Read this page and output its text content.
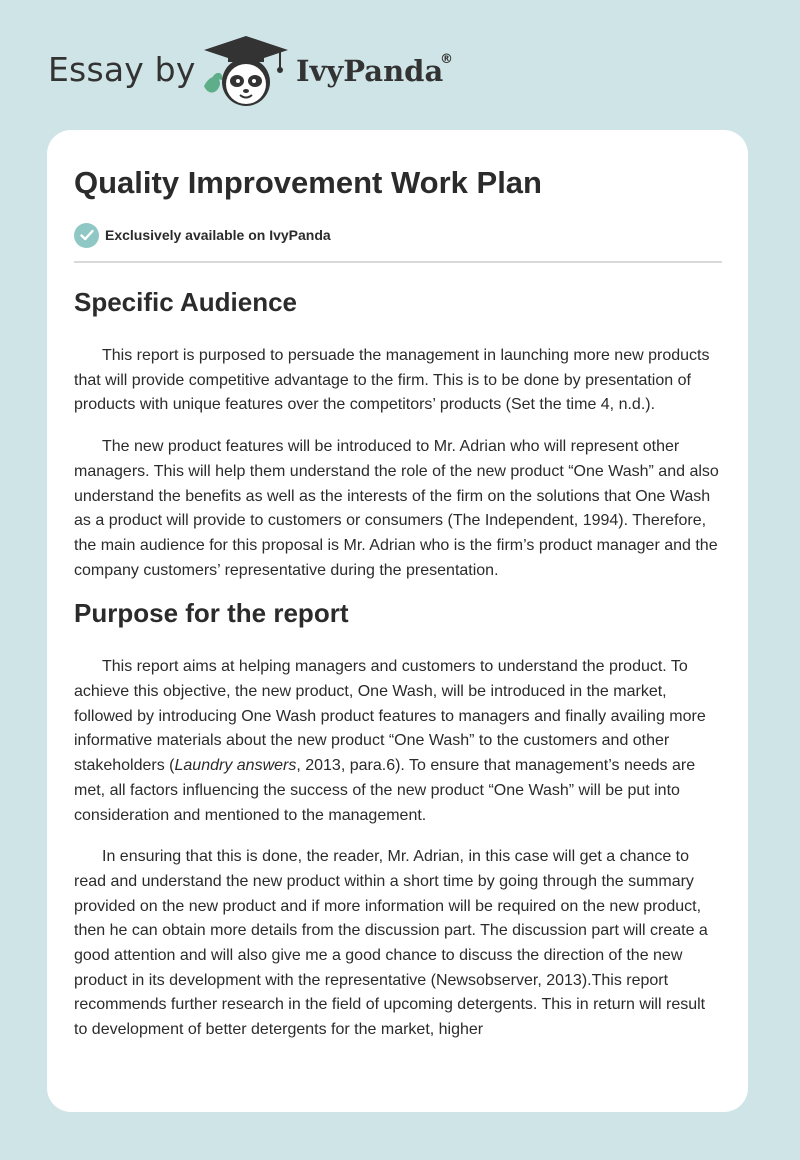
Essay by	IvyPanda
®
Quality Improvement Work Plan
Exclusively available on IvyPanda
Specific Audience

This report is purposed to persuade the management in launching more new products that will provide competitive advantage to the firm. This is to be done by presentation of products with unique features over the competitors’ products (Set the time 4, n.d.).

The new product features will be introduced to Mr. Adrian who will represent other managers. This will help them understand the role of the new product “One Wash” and also understand the benefits as well as the interests of the firm on the solutions that One Wash as a product will provide to customers or consumers (The Independent, 1994). Therefore, the main audience for this proposal is Mr. Adrian who is the firm’s product manager and the company customers’ representative during the presentation.

Purpose for the report

This report aims at helping managers and customers to understand the product. To achieve this objective, the new product, One Wash, will be introduced in the market, followed by introducing One Wash product features to managers and finally availing more informative materials about the new product “One Wash” to the customers and other stakeholders (Laundry answers, 2013, para.6). To ensure that management’s needs are met, all factors influencing the success of the new product “One Wash” will be put into consideration and mentioned to the management.

In ensuring that this is done, the reader, Mr. Adrian, in this case will get a chance to read and understand the new product within a short time by going through the summary provided on the new product and if more information will be required on the new product, then he can obtain more details from the discussion part. The discussion part will create a good attention and will also give me a good chance to discuss the direction of the new product in its development with the representative (Newsobserver, 2013).This report recommends further research in the field of upcoming detergents. This in return will result to development of better detergents for the market, higher
